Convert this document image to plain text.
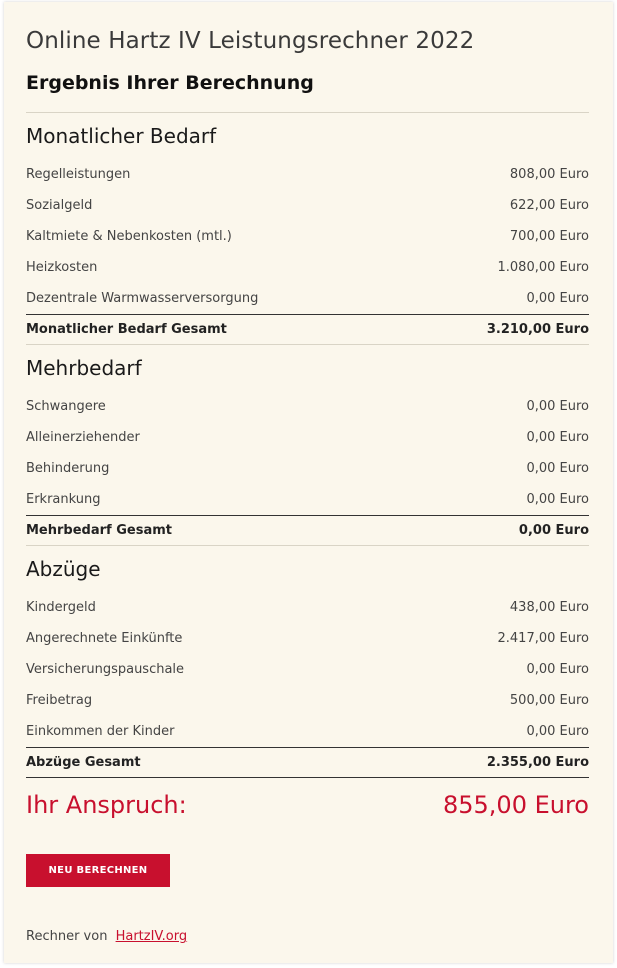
Online Hartz IV Leistungsrechner 2022
Ergebnis Ihrer Berechnung
Monatlicher Bedarf
Regelleistungen	808,00 Euro
Sozialgeld	622,00 Euro
Kaltmiete & Nebenkosten (mtl.)	700,00 Euro
Heizkosten	1.080,00 Euro
Dezentrale Warmwasserversorgung	0,00 Euro
Monatlicher Bedarf Gesamt	3.210,00 Euro
Mehrbedarf
Schwangere	0,00 Euro
Alleinerziehender	0,00 Euro
Behinderung	0,00 Euro
Erkrankung	0,00 Euro
Mehrbedarf Gesamt	0,00 Euro
Abzüge
Kindergeld	438,00 Euro
Angerechnete Einkünfte	2.417,00 Euro
Versicherungspauschale	0,00 Euro
Freibetrag	500,00 Euro
Einkommen der Kinder	0,00 Euro
Abzüge Gesamt	2.355,00 Euro
Ihr Anspruch:	855,00 Euro
NEU BERECHNEN
Rechner von HartzIV.org
